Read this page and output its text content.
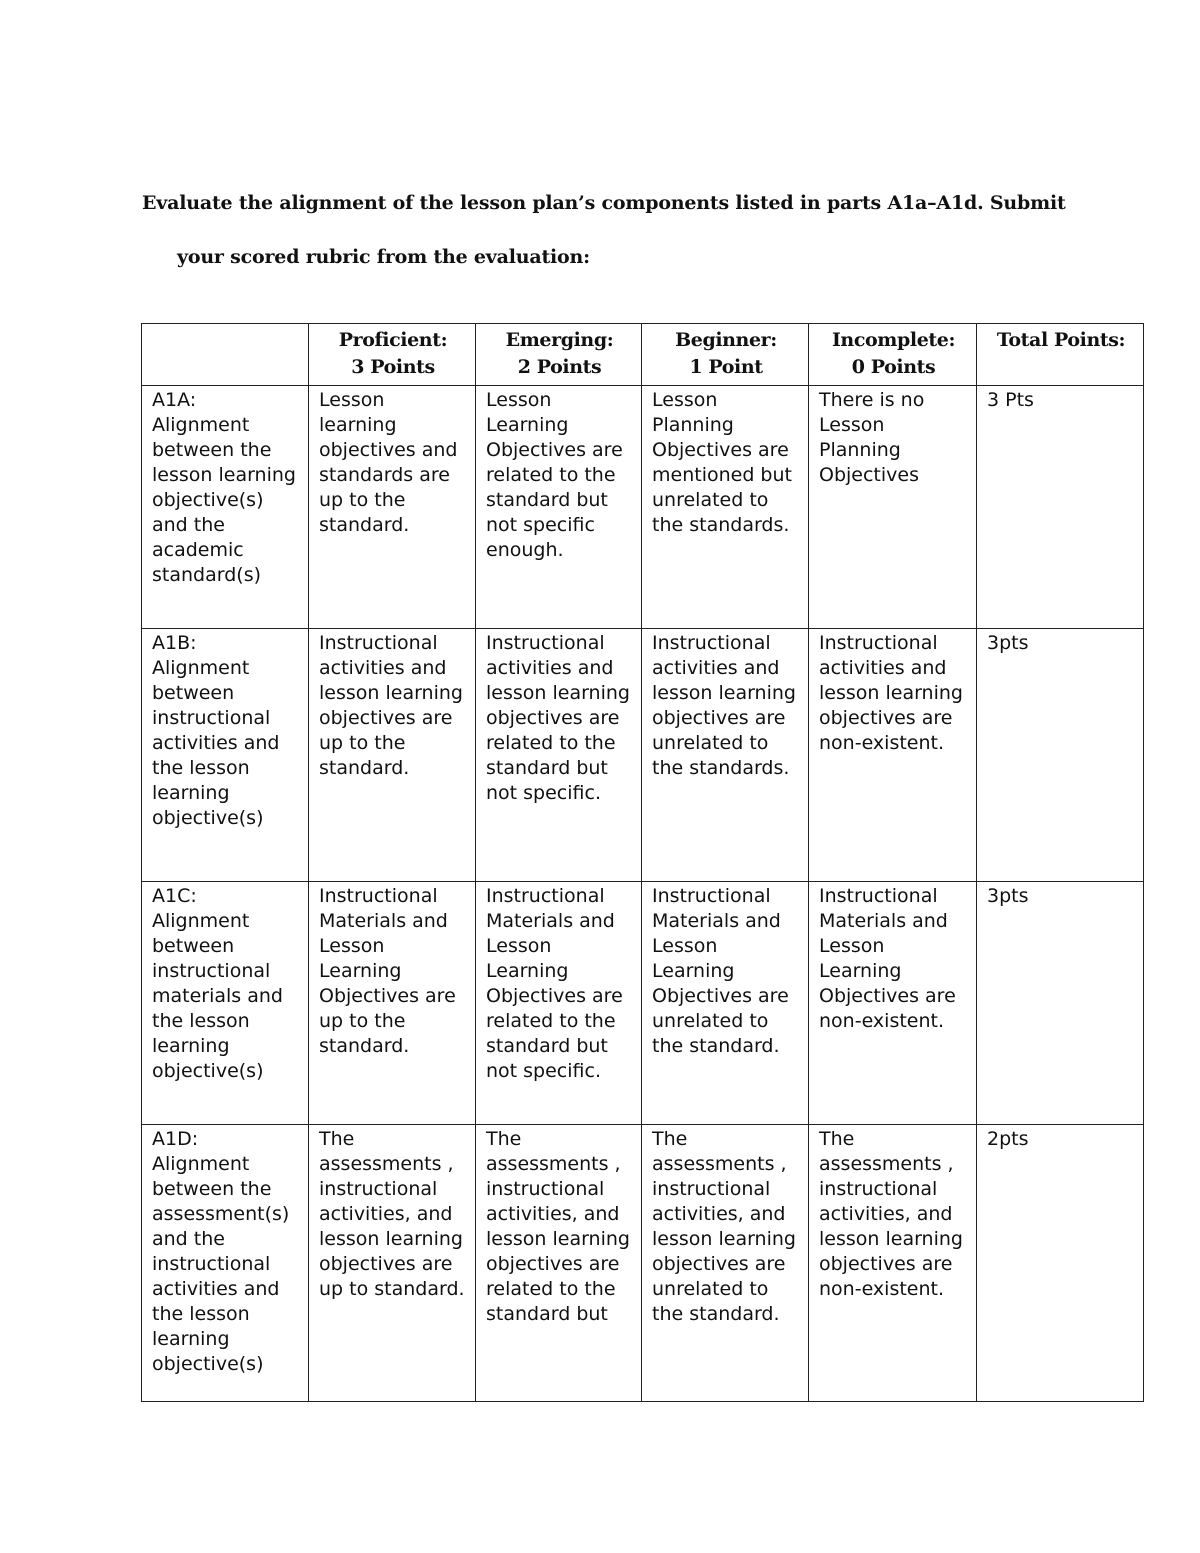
Evaluate the alignment of the lesson plan’s components listed in parts A1a–A1d. Submit
your scored rubric from the evaluation:

	Proficient:
3 Points	Emerging:
2 Points	Beginner:
1 Point	Incomplete:
0 Points	Total Points:

A1A:
Alignment between the lesson learning objective(s) and the academic standard(s)	Lesson learning objectives and standards are up to the standard.	Lesson Learning Objectives are related to the standard but not specific enough.	Lesson Planning Objectives are mentioned but unrelated to the standards.	There is no Lesson Planning Objectives	3 Pts

A1B:
Alignment between instructional activities and the lesson learning objective(s)	Instructional activities and lesson learning objectives are up to the standard.	Instructional activities and lesson learning objectives are related to the standard but not specific.	Instructional activities and lesson learning objectives are unrelated to the standards.	Instructional activities and lesson learning objectives are non-existent.	3pts

A1C:
Alignment between instructional materials and the lesson learning objective(s)	Instructional Materials and Lesson Learning Objectives are up to the standard.	Instructional Materials and Lesson Learning Objectives are related to the standard but not specific.	Instructional Materials and Lesson Learning Objectives are unrelated to the standard.	Instructional Materials and Lesson Learning Objectives are non-existent.	3pts

A1D:
Alignment between the assessment(s) and the instructional activities and the lesson learning objective(s)	The assessments , instructional activities, and lesson learning objectives are up to standard.	The assessments , instructional activities, and lesson learning objectives are related to the standard but	The assessments , instructional activities, and lesson learning objectives are unrelated to the standard.	The assessments , instructional activities, and lesson learning objectives are non-existent.	2pts
